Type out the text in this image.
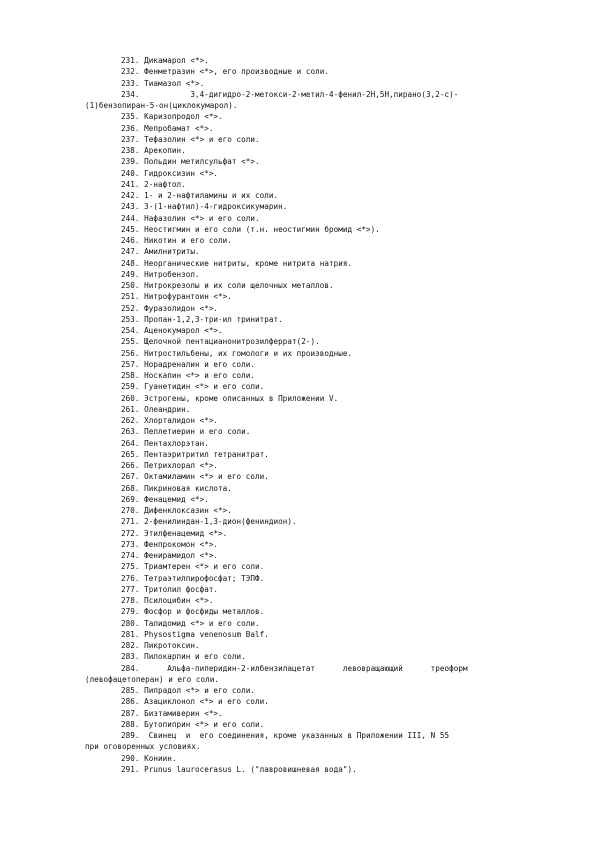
231. Дикамарол <*>.
232. Фенметразин <*>, его производные и соли.
233. Тиамазол <*>.
234.           3,4-дигидро-2-метокси-2-метил-4-фенил-2Н,5Н,пирано(3,2-с)-
(1)бензопиран-5-он(циклокумарол).
235. Каризопродол <*>.
236. Мепробамат <*>.
237. Тефазолин <*> и его соли.
238. Арекопин.
239. Польдин метилсульфат <*>.
240. Гидроксизин <*>.
241. 2-нафтол.
242. 1- и 2-нафтиламины и их соли.
243. 3-(1-нафтил)-4-гидроксикумарин.
244. Нафазолин <*> и его соли.
245. Неостигмин и его соли (т.н. неостигмин бромид <*>).
246. Никотин и его соли.
247. Амилнитриты.
248. Неорганические нитриты, кроме нитрита натрия.
249. Нитробензол.
250. Нитрокрезолы и их соли щелочных металлов.
251. Нитрофурантоин <*>.
252. Фуразолидон <*>.
253. Пропан-1,2,3-три-ил тринитрат.
254. Аценокумарол <*>.
255. Щелочной пентацианонитрозилферрат(2-).
256. Нитростильбены, их гомологи и их производные.
257. Норадреналин и его соли.
258. Носкапин <*> и его соли.
259. Гуанетидин <*> и его соли.
260. Эстрогены, кроме описанных в Приложении V.
261. Олеандрин.
262. Хлорталидон <*>.
263. Пеллетиерин и его соли.
264. Пентахлорэтан.
265. Пентаэритритил тетранитрат.
266. Петрихлорал <*>.
267. Октамиламин <*> и его соли.
268. Пикриновая кислота.
269. Фенацемид <*>.
270. Дифенклоксазин <*>.
271. 2-фенилиндан-1,3-дион(фениндион).
272. Этилфенацемид <*>.
273. Фенпрокомон <*>.
274. Фенирамидол <*>.
275. Триамтерен <*> и его соли.
276. Тетраэтилпирофосфат; ТЭПФ.
277. Тритолил фосфат.
278. Псилоцибин <*>.
279. Фосфор и фосфиды металлов.
280. Талидомид <*> и его соли.
281. Physostigma venenosum Balf.
282. Пикротоксин.
283. Пилокарпин и его соли.
284.      Альфа-пиперидин-2-илбензилацетат      левовращающий      треоформ
(левофацетоперан) и его соли.
285. Пипрадол <*> и его соли.
286. Азациклонол <*> и его соли.
287. Бизтамиверин <*>.
288. Бутопиприн <*> и его соли.
289.  Свинец  и  его соединения, кроме указанных в Приложении III, N 55
при оговоренных условиях.
290. Кониин.
291. Prunus laurocerasus L. ("лавровишневая вода").
